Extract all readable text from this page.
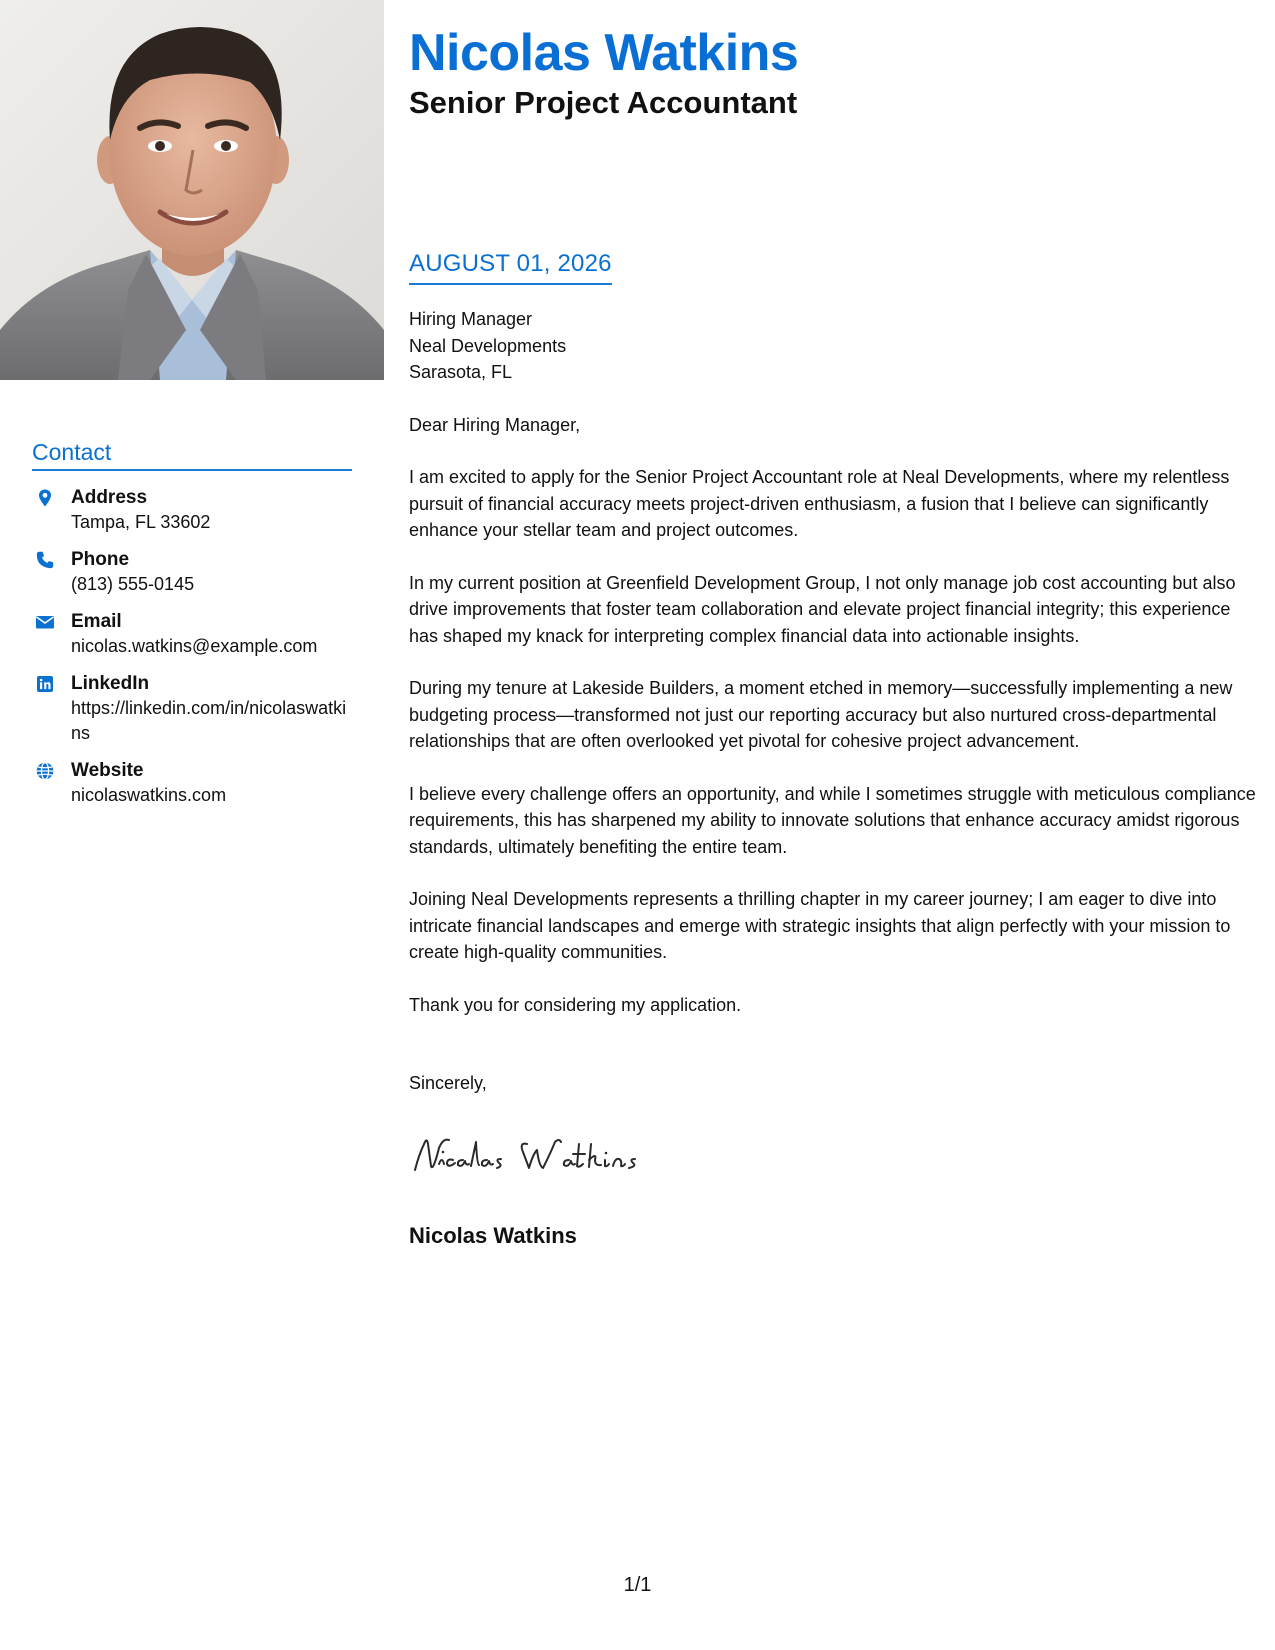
Contact
Address
Tampa, FL 33602
Phone
(813) 555-0145
Email
nicolas.watkins@example.com
LinkedIn
https://linkedin.com/in/nicolaswatkins
Website
nicolaswatkins.com
Nicolas Watkins
Senior Project Accountant
AUGUST 01, 2026

Hiring Manager

Neal Developments

Sarasota, FL

Dear Hiring Manager,

I am excited to apply for the Senior Project Accountant role at Neal Developments, where my relentless pursuit of financial accuracy meets project-driven enthusiasm, a fusion that I believe can significantly enhance your stellar team and project outcomes.

In my current position at Greenfield Development Group, I not only manage job cost accounting but also drive improvements that foster team collaboration and elevate project financial integrity; this experience has shaped my knack for interpreting complex financial data into actionable insights.

During my tenure at Lakeside Builders, a moment etched in memory—successfully implementing a new budgeting process—transformed not just our reporting accuracy but also nurtured cross-departmental relationships that are often overlooked yet pivotal for cohesive project advancement.

I believe every challenge offers an opportunity, and while I sometimes struggle with meticulous compliance requirements, this has sharpened my ability to innovate solutions that enhance accuracy amidst rigorous standards, ultimately benefiting the entire team.

Joining Neal Developments represents a thrilling chapter in my career journey; I am eager to dive into intricate financial landscapes and emerge with strategic insights that align perfectly with your mission to create high-quality communities.

Thank you for considering my application.

Sincerely,

Nicolas Watkins
1/1
